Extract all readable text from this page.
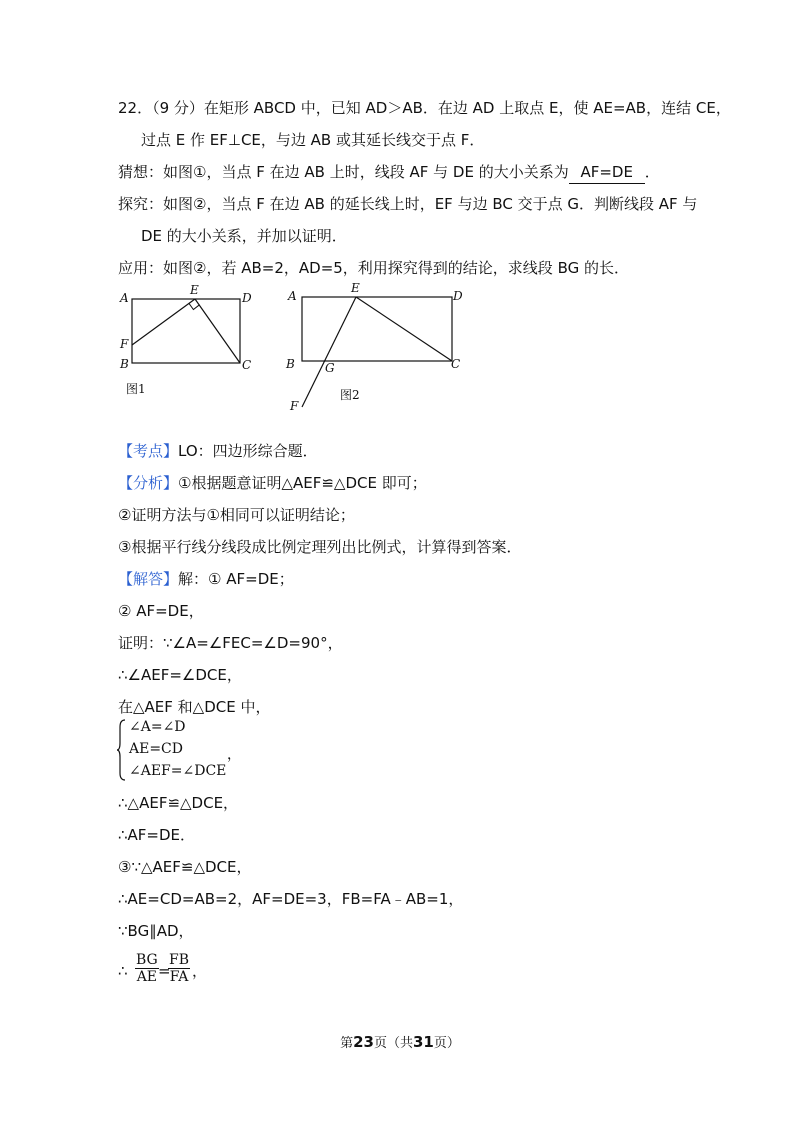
22．（9 分）在矩形 ABCD 中，已知 AD＞AB．在边 AD 上取点 E，使 AE=AB，连结 CE，
过点 E 作 EF⊥CE，与边 AB 或其延长线交于点 F．
猜想：如图①，当点 F 在边 AB 上时，线段 AF 与 DE 的大小关系为 AF=DE ．
探究：如图②，当点 F 在边 AB 的延长线上时，EF 与边 BC 交于点 G．判断线段 AF 与
DE 的大小关系，并加以证明．
应用：如图②，若 AB=2，AD=5，利用探究得到的结论，求线段 BG 的长．
A
E
D
F
B	C
图1
A
E
D
B	G	C
F
图2
【考点】LO：四边形综合题．
【分析】①根据题意证明△AEF≌△DCE 即可；
②证明方法与①相同可以证明结论；
③根据平行线分线段成比例定理列出比例式，计算得到答案．
【解答】解：① AF=DE；
② AF=DE，
证明：∵∠A=∠FEC=∠D=90°，
∴∠AEF=∠DCE，
在△AEF 和△DCE 中，
∠A=∠D
AE=CD
∠AEF=∠DCE
，
∴△AEF≌△DCE，
∴AF=DE．
③∵△AEF≌△DCE，
∴AE=CD=AB=2，AF=DE=3，FB=FA﹣AB=1，
∵BG∥AD，
∴ $\frac{BG}{AE}$ =
$\frac{FB}{FA}$ ，
第23页（共31页）
